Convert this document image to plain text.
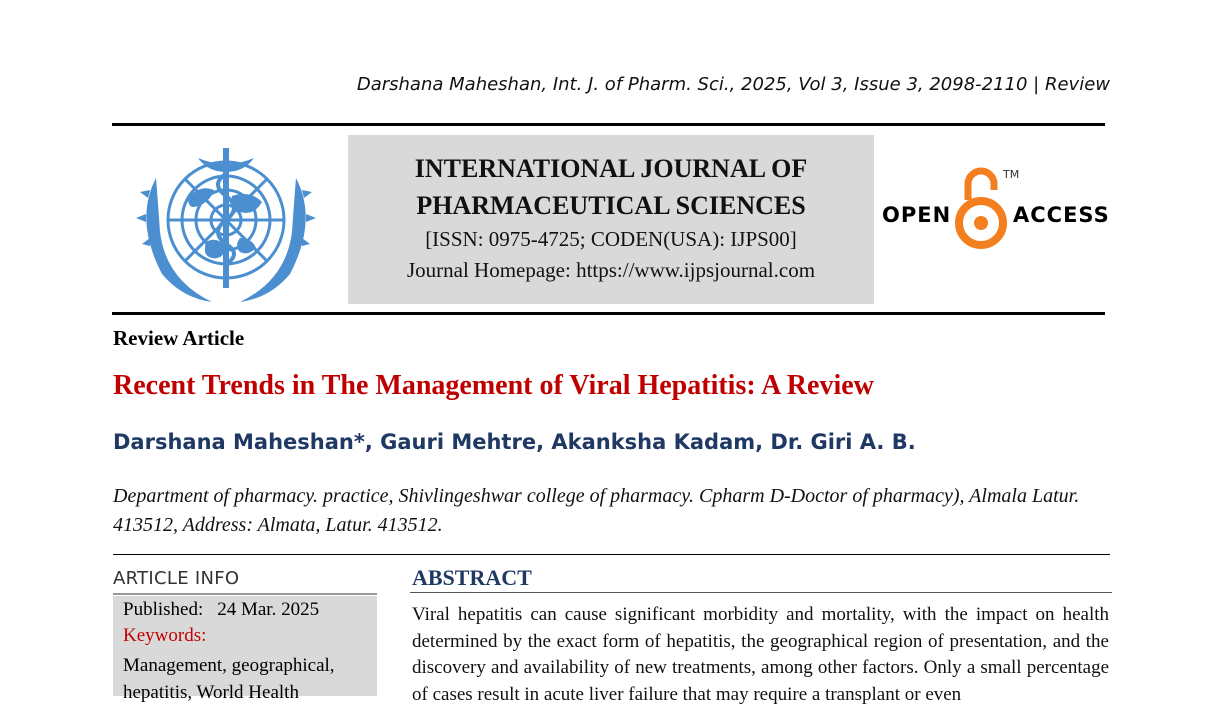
Darshana Maheshan, Int. J. of Pharm. Sci., 2025, Vol 3, Issue 3, 2098-2110 | Review
INTERNATIONAL JOURNAL OF
PHARMACEUTICAL SCIENCES
[ISSN: 0975-4725; CODEN(USA): IJPS00]
Journal Homepage: https://www.ijpsjournal.com
OPEN
TM
ACCESS
Review Article
Recent Trends in The Management of Viral Hepatitis: A Review
Darshana Maheshan*, Gauri Mehtre, Akanksha Kadam, Dr. Giri A. B.
Department of pharmacy. practice, Shivlingeshwar college of pharmacy. Cpharm D-Doctor of pharmacy), Almala Latur. 413512, Address: Almata, Latur. 413512.
ARTICLE INFO
Published: 24 Mar. 2025
Keywords:
Management, geographical, hepatitis, World Health
ABSTRACT
Viral hepatitis can cause significant morbidity and mortality, with the impact on health determined by the exact form of hepatitis, the geographical region of presentation, and the discovery and availability of new treatments, among other factors. Only a small percentage of cases result in acute liver failure that may require a transplant or even
